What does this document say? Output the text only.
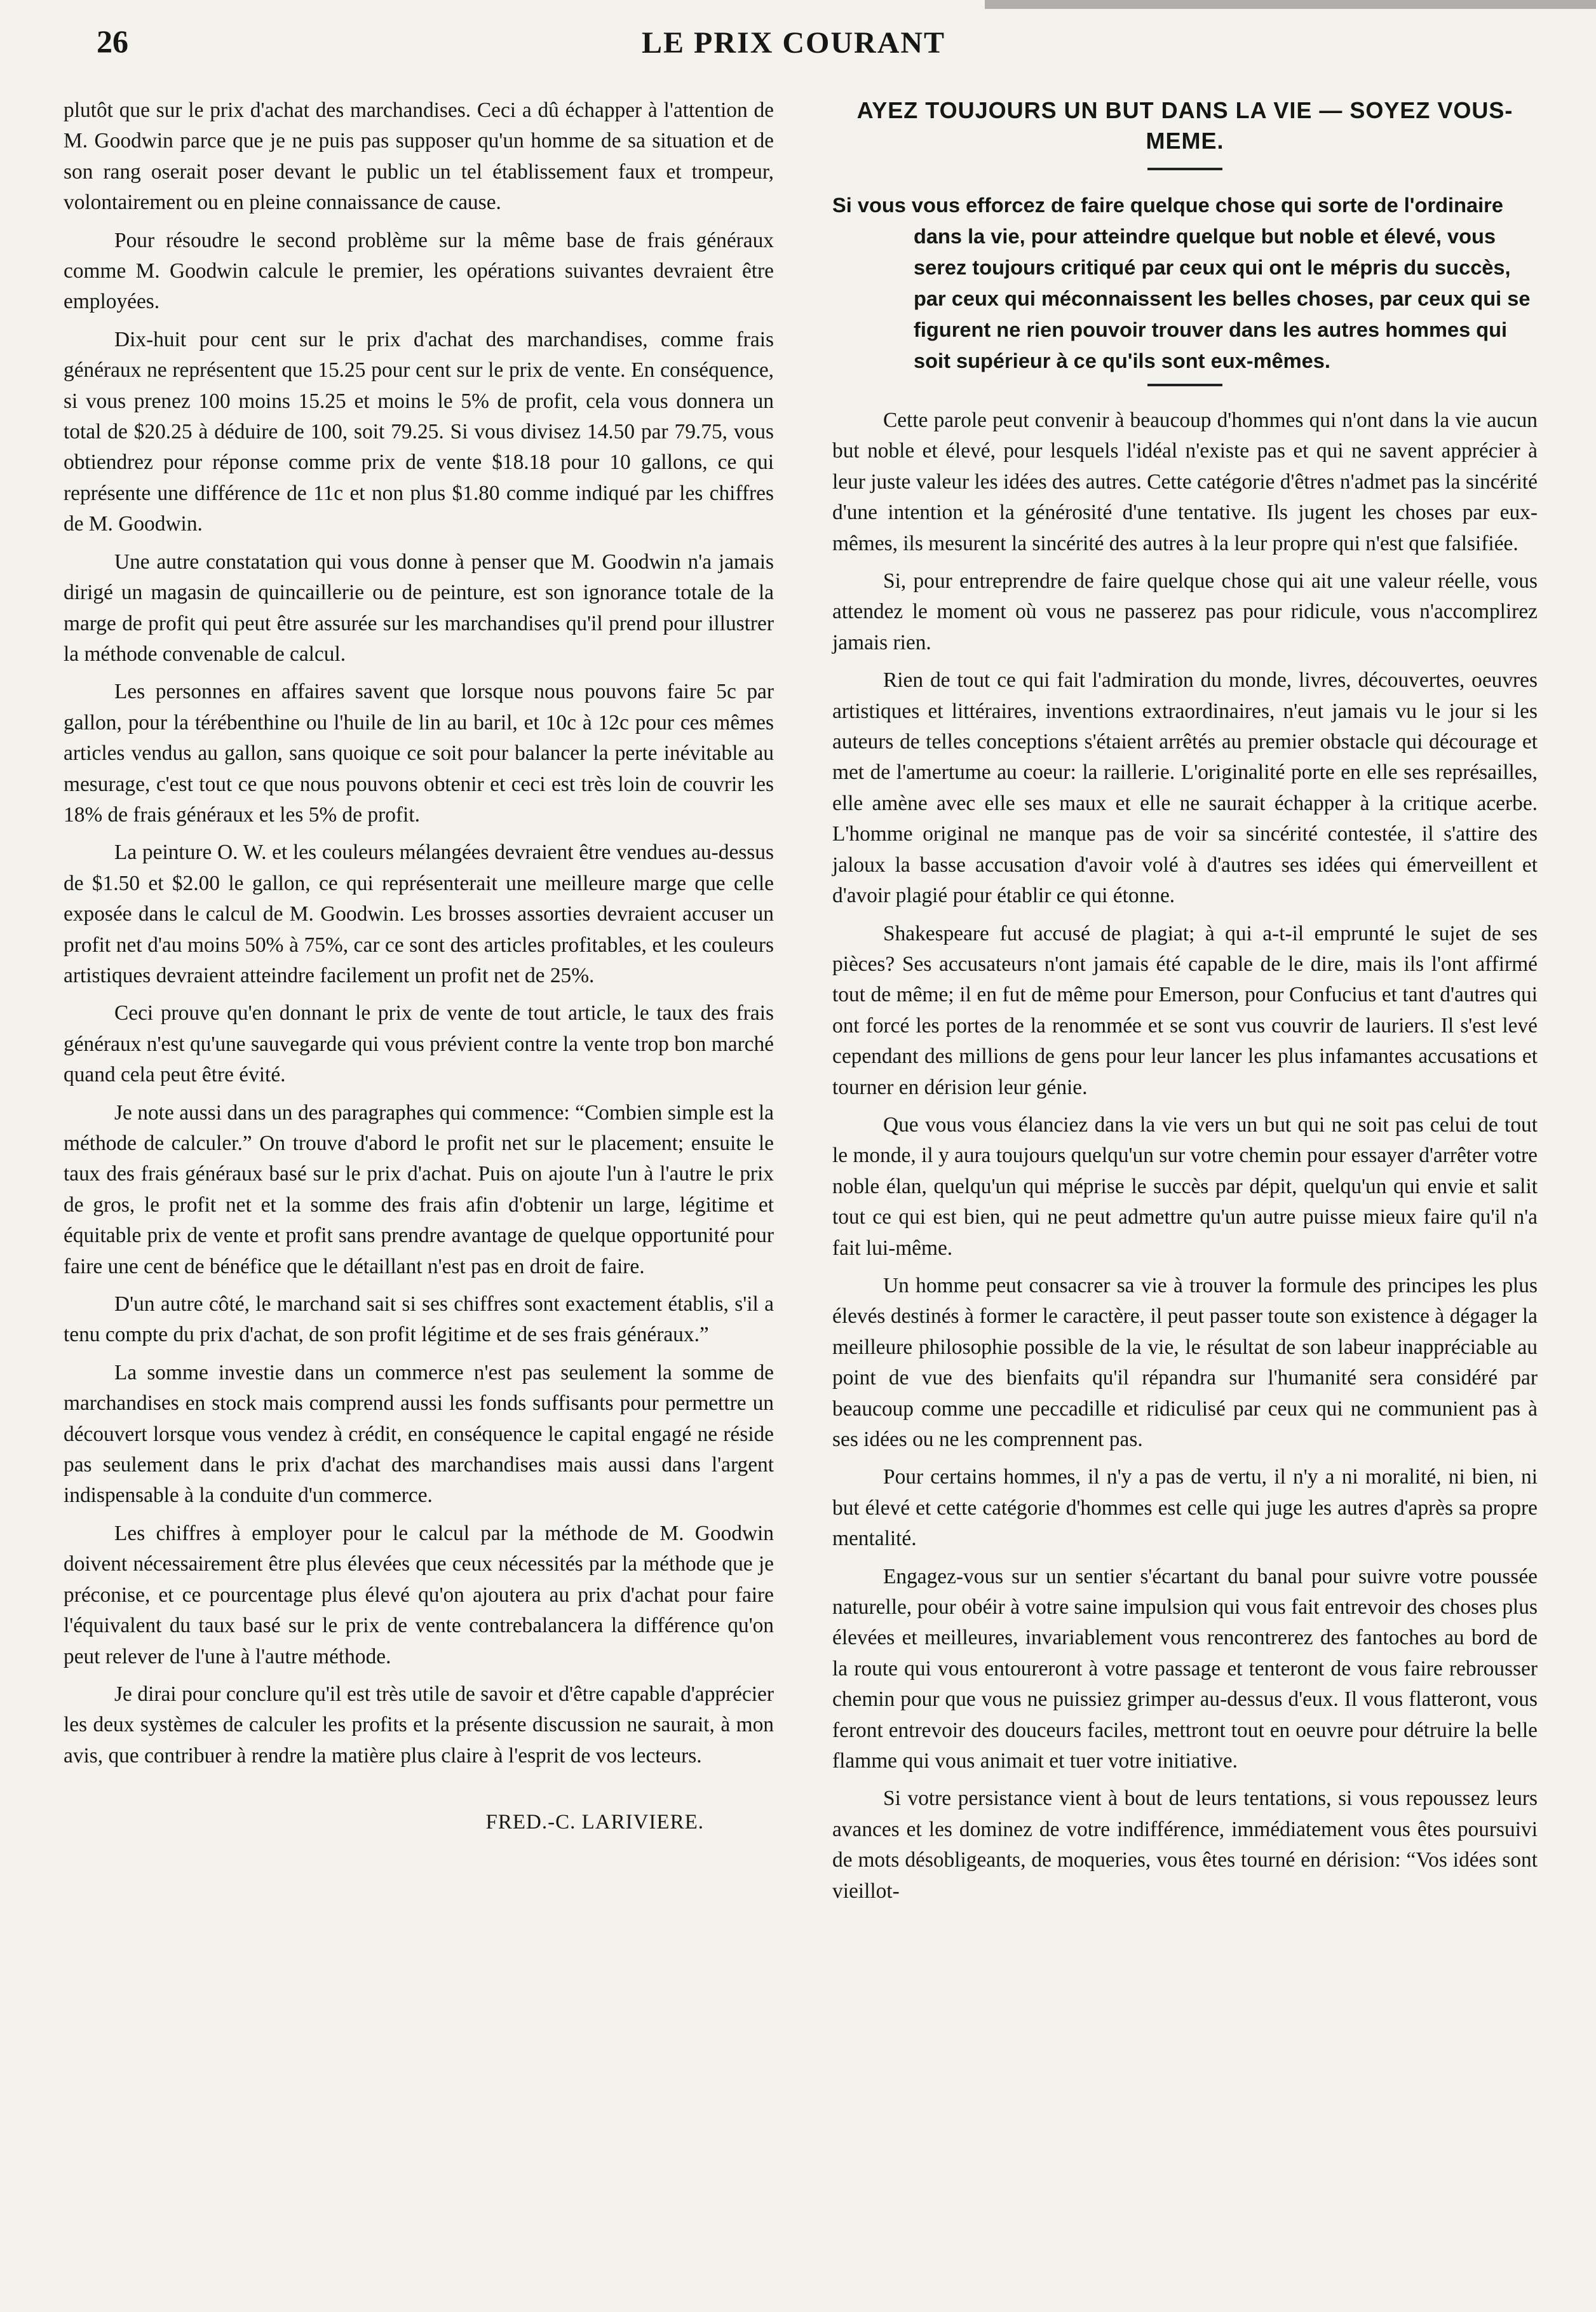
26	LE PRIX COURANT

plutôt que sur le prix d'achat des marchandises. Ceci a dû échapper à l'attention de M. Goodwin parce que je ne puis pas supposer qu'un homme de sa situation et de son rang oserait poser devant le public un tel établissement faux et trompeur, volontairement ou en pleine connaissance de cause.

Pour résoudre le second problème sur la même base de frais généraux comme M. Goodwin calcule le premier, les opérations suivantes devraient être employées.

Dix-huit pour cent sur le prix d'achat des marchandises, comme frais généraux ne représentent que 15.25 pour cent sur le prix de vente. En conséquence, si vous prenez 100 moins 15.25 et moins le 5% de profit, cela vous donnera un total de $20.25 à déduire de 100, soit 79.25. Si vous divisez 14.50 par 79.75, vous obtiendrez pour réponse comme prix de vente $18.18 pour 10 gallons, ce qui représente une différence de 11c et non plus $1.80 comme indiqué par les chiffres de M. Goodwin.

Une autre constatation qui vous donne à penser que M. Goodwin n'a jamais dirigé un magasin de quincaillerie ou de peinture, est son ignorance totale de la marge de profit qui peut être assurée sur les marchandises qu'il prend pour illustrer la méthode convenable de calcul.

Les personnes en affaires savent que lorsque nous pouvons faire 5c par gallon, pour la térébenthine ou l'huile de lin au baril, et 10c à 12c pour ces mêmes articles vendus au gallon, sans quoique ce soit pour balancer la perte inévitable au mesurage, c'est tout ce que nous pouvons obtenir et ceci est très loin de couvrir les 18% de frais généraux et les 5% de profit.

La peinture O. W. et les couleurs mélangées devraient être vendues au-dessus de $1.50 et $2.00 le gallon, ce qui représenterait une meilleure marge que celle exposée dans le calcul de M. Goodwin. Les brosses assorties devraient accuser un profit net d'au moins 50% à 75%, car ce sont des articles profitables, et les couleurs artistiques devraient atteindre facilement un profit net de 25%.

Ceci prouve qu'en donnant le prix de vente de tout article, le taux des frais généraux n'est qu'une sauvegarde qui vous prévient contre la vente trop bon marché quand cela peut être évité.

Je note aussi dans un des paragraphes qui commence: “Combien simple est la méthode de calculer.” On trouve d'abord le profit net sur le placement; ensuite le taux des frais généraux basé sur le prix d'achat. Puis on ajoute l'un à l'autre le prix de gros, le profit net et la somme des frais afin d'obtenir un large, légitime et équitable prix de vente et profit sans prendre avantage de quelque opportunité pour faire une cent de bénéfice que le détaillant n'est pas en droit de faire.

D'un autre côté, le marchand sait si ses chiffres sont exactement établis, s'il a tenu compte du prix d'achat, de son profit légitime et de ses frais généraux.”

La somme investie dans un commerce n'est pas seulement la somme de marchandises en stock mais comprend aussi les fonds suffisants pour permettre un découvert lorsque vous vendez à crédit, en conséquence le capital engagé ne réside pas seulement dans le prix d'achat des marchandises mais aussi dans l'argent indispensable à la conduite d'un commerce.

Les chiffres à employer pour le calcul par la méthode de M. Goodwin doivent nécessairement être plus élevées que ceux nécessités par la méthode que je préconise, et ce pourcentage plus élevé qu'on ajoutera au prix d'achat pour faire l'équivalent du taux basé sur le prix de vente contrebalancera la différence qu'on peut relever de l'une à l'autre méthode.

Je dirai pour conclure qu'il est très utile de savoir et d'être capable d'apprécier les deux systèmes de calculer les profits et la présente discussion ne saurait, à mon avis, que contribuer à rendre la matière plus claire à l'esprit de vos lecteurs.

FRED.-C. LARIVIERE.
AYEZ TOUJOURS UN BUT DANS LA VIE — SOYEZ VOUS-MEME.

Si vous vous efforcez de faire quelque chose qui sorte de l'ordinaire dans la vie, pour atteindre quelque but noble et élevé, vous serez toujours critiqué par ceux qui ont le mépris du succès, par ceux qui méconnaissent les belles choses, par ceux qui se figurent ne rien pouvoir trouver dans les autres hommes qui soit supérieur à ce qu'ils sont eux-mêmes.

Cette parole peut convenir à beaucoup d'hommes qui n'ont dans la vie aucun but noble et élevé, pour lesquels l'idéal n'existe pas et qui ne savent apprécier à leur juste valeur les idées des autres. Cette catégorie d'êtres n'admet pas la sincérité d'une intention et la générosité d'une tentative. Ils jugent les choses par eux-mêmes, ils mesurent la sincérité des autres à la leur propre qui n'est que falsifiée.

Si, pour entreprendre de faire quelque chose qui ait une valeur réelle, vous attendez le moment où vous ne passerez pas pour ridicule, vous n'accomplirez jamais rien.

Rien de tout ce qui fait l'admiration du monde, livres, découvertes, oeuvres artistiques et littéraires, inventions extraordinaires, n'eut jamais vu le jour si les auteurs de telles conceptions s'étaient arrêtés au premier obstacle qui décourage et met de l'amertume au coeur: la raillerie. L'originalité porte en elle ses représailles, elle amène avec elle ses maux et elle ne saurait échapper à la critique acerbe. L'homme original ne manque pas de voir sa sincérité contestée, il s'attire des jaloux la basse accusation d'avoir volé à d'autres ses idées qui émerveillent et d'avoir plagié pour établir ce qui étonne.

Shakespeare fut accusé de plagiat; à qui a-t-il emprunté le sujet de ses pièces? Ses accusateurs n'ont jamais été capable de le dire, mais ils l'ont affirmé tout de même; il en fut de même pour Emerson, pour Confucius et tant d'autres qui ont forcé les portes de la renommée et se sont vus couvrir de lauriers. Il s'est levé cependant des millions de gens pour leur lancer les plus infamantes accusations et tourner en dérision leur génie.

Que vous vous élanciez dans la vie vers un but qui ne soit pas celui de tout le monde, il y aura toujours quelqu'un sur votre chemin pour essayer d'arrêter votre noble élan, quelqu'un qui méprise le succès par dépit, quelqu'un qui envie et salit tout ce qui est bien, qui ne peut admettre qu'un autre puisse mieux faire qu'il n'a fait lui-même.

Un homme peut consacrer sa vie à trouver la formule des principes les plus élevés destinés à former le caractère, il peut passer toute son existence à dégager la meilleure philosophie possible de la vie, le résultat de son labeur inappréciable au point de vue des bienfaits qu'il répandra sur l'humanité sera considéré par beaucoup comme une peccadille et ridiculisé par ceux qui ne communient pas à ses idées ou ne les comprennent pas.

Pour certains hommes, il n'y a pas de vertu, il n'y a ni moralité, ni bien, ni but élevé et cette catégorie d'hommes est celle qui juge les autres d'après sa propre mentalité.

Engagez-vous sur un sentier s'écartant du banal pour suivre votre poussée naturelle, pour obéir à votre saine impulsion qui vous fait entrevoir des choses plus élevées et meilleures, invariablement vous rencontrerez des fantoches au bord de la route qui vous entoureront à votre passage et tenteront de vous faire rebrousser chemin pour que vous ne puissiez grimper au-dessus d'eux. Il vous flatteront, vous feront entrevoir des douceurs faciles, mettront tout en oeuvre pour détruire la belle flamme qui vous animait et tuer votre initiative.

Si votre persistance vient à bout de leurs tentations, si vous repoussez leurs avances et les dominez de votre indifférence, immédiatement vous êtes poursuivi de mots désobligeants, de moqueries, vous êtes tourné en dérision: “Vos idées sont vieillot-
